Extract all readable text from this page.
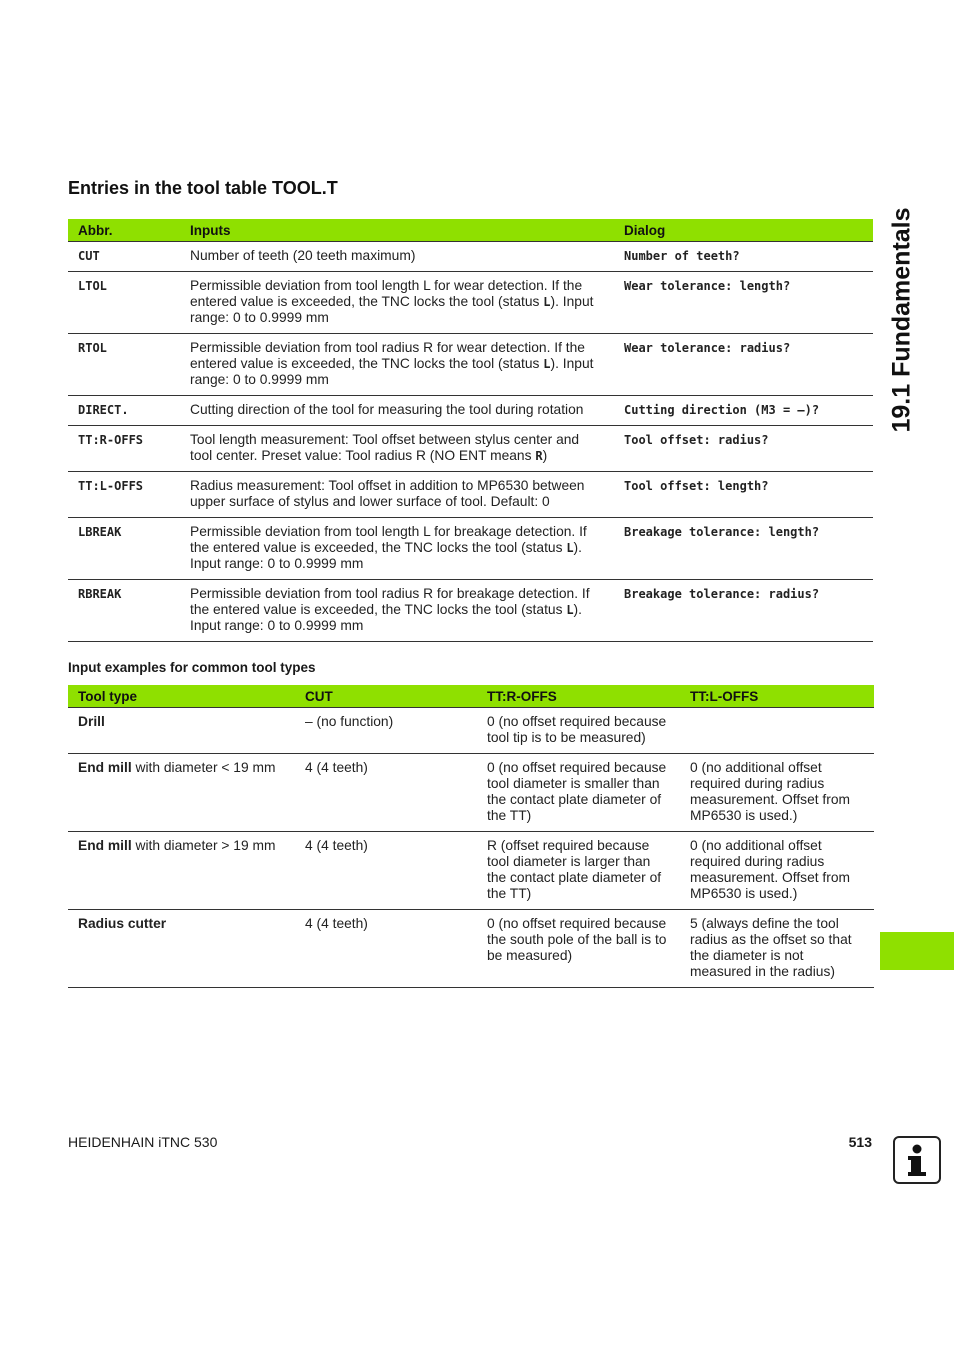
Entries in the tool table TOOL.T
Abbr.	Inputs	Dialog
CUT	Number of teeth (20 teeth maximum)	Number of teeth?
LTOL	Permissible deviation from tool length L for wear detection. If the entered value is exceeded, the TNC locks the tool (status L). Input range: 0 to 0.9999 mm	Wear tolerance: length?
RTOL	Permissible deviation from tool radius R for wear detection. If the entered value is exceeded, the TNC locks the tool (status L). Input range: 0 to 0.9999 mm	Wear tolerance: radius?
DIRECT.	Cutting direction of the tool for measuring the tool during rotation	Cutting direction (M3 = –)?
TT:R-OFFS	Tool length measurement: Tool offset between stylus center and tool center. Preset value: Tool radius R (NO ENT means R)	Tool offset: radius?
TT:L-OFFS	Radius measurement: Tool offset in addition to MP6530 between upper surface of stylus and lower surface of tool. Default: 0	Tool offset: length?
LBREAK	Permissible deviation from tool length L for breakage detection. If the entered value is exceeded, the TNC locks the tool (status L). Input range: 0 to 0.9999 mm	Breakage tolerance: length?
RBREAK	Permissible deviation from tool radius R for breakage detection. If the entered value is exceeded, the TNC locks the tool (status L). Input range: 0 to 0.9999 mm	Breakage tolerance: radius?
Input examples for common tool types
Tool type	CUT	TT:R-OFFS	TT:L-OFFS
Drill	– (no function)	0 (no offset required because tool tip is to be measured)	
End mill with diameter < 19 mm	4 (4 teeth)	0 (no offset required because tool diameter is smaller than the contact plate diameter of the TT)	0 (no additional offset required during radius measurement. Offset from MP6530 is used.)
End mill with diameter > 19 mm	4 (4 teeth)	R (offset required because tool diameter is larger than the contact plate diameter of the TT)	0 (no additional offset required during radius measurement. Offset from MP6530 is used.)
Radius cutter	4 (4 teeth)	0 (no offset required because the south pole of the ball is to be measured)	5 (always define the tool radius as the offset so that the diameter is not measured in the radius)
19.1 Fundamentals
HEIDENHAIN iTNC 530	513
